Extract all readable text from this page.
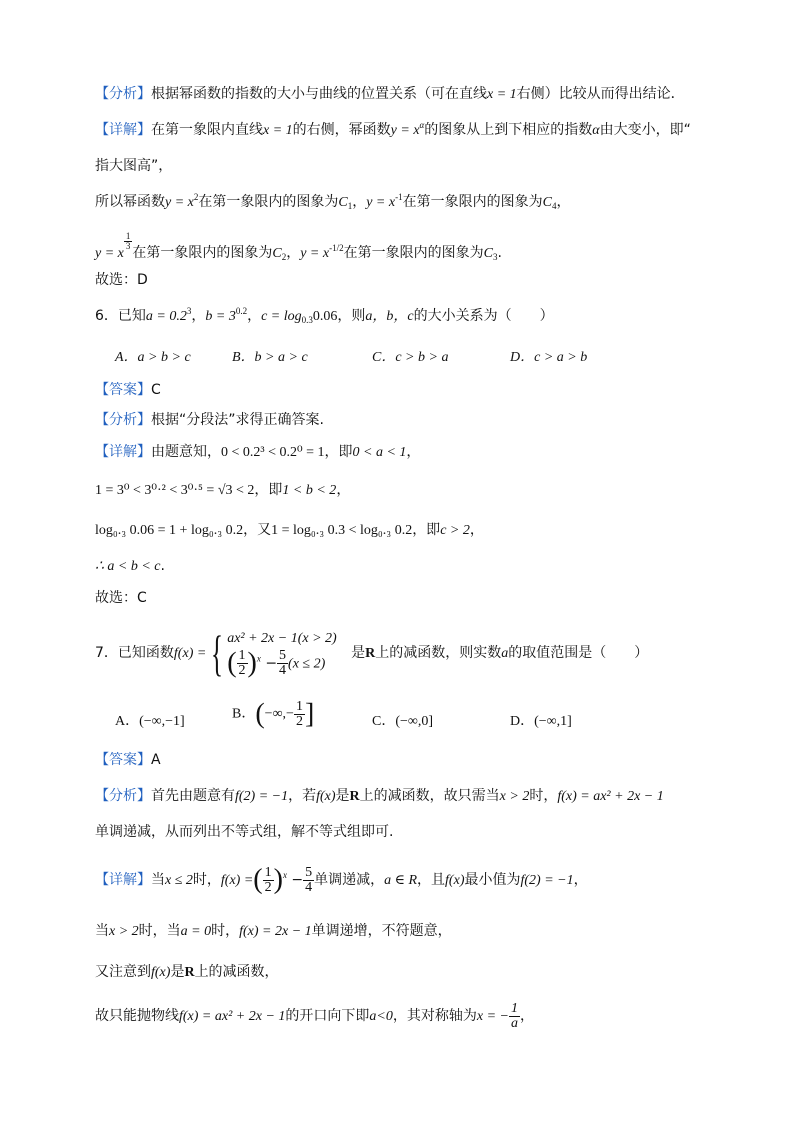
【分析】根据幂函数的指数的大小与曲线的位置关系（可在直线x = 1右侧）比较从而得出结论．
【详解】在第一象限内直线x = 1的右侧，幂函数$y = x^\alpha$的图象从上到下相应的指数α由大变小，即“
指大图高”，
所以幂函数$y = x^2$在第一象限内的图象为$C_1$，$y = x^{-1}$在第一象限内的图象为$C_4$，
y = x
$\frac{1}{3}$
在第一象限内的图象为$C_2$，$y = x^{-1/2}$在第一象限内的图象为$C_3$.
故选：D
6．已知$a = 0.2^3$，$b = 3^{0.2}$，$c = \log_{0.3}0.06$，则a，b，c的大小关系为（　　）
A．a > b > c	B．b > a > c	C．c > b > a	D．c > a > b
【答案】C
【分析】根据“分段法”求得正确答案.
【详解】由题意知，0 < 0.2³ < 0.2⁰ = 1，即0 < a < 1，
1 = 3⁰ < 3⁰·² < 3⁰·⁵ = √3 < 2，即1 < b < 2，
log₀.₃ 0.06 = 1 + log₀.₃ 0.2，又1 = log₀.₃ 0.3 < log₀.₃ 0.2，即c > 2，
∴ a < b < c.
故选：C
7．已知函数f(x) = { ax² + 2x − 1(x > 2)
( $\frac{1}{2} )^x - \frac{5}{4} (x \le 2)$
是R上的减函数，则实数a的取值范围是（　　）
A．(−∞,−1]	B．(−∞,− $\frac{1}{2}$ ]	C．(−∞,0]	D．(−∞,1]
【答案】A
【分析】首先由题意有f(2) = −1，若f(x)是R上的减函数，故只需当x > 2时，f(x) = ax² + 2x − 1
单调递减，从而列出不等式组，解不等式组即可.
【详解】当x ≤ 2时，f(x) =( $\frac{1}{2} )^x - \frac{5}{4}$ 单调递减，a ∈ R，且f(x)最小值为f(2) = −1，
当x > 2时，当a = 0时，f(x) = 2x − 1单调递增，不符题意，
又注意到f(x)是R上的减函数，
故只能抛物线f(x) = ax² + 2x − 1的开口向下即a<0，其对称轴为x = − $\frac{1}{a}$ ，
